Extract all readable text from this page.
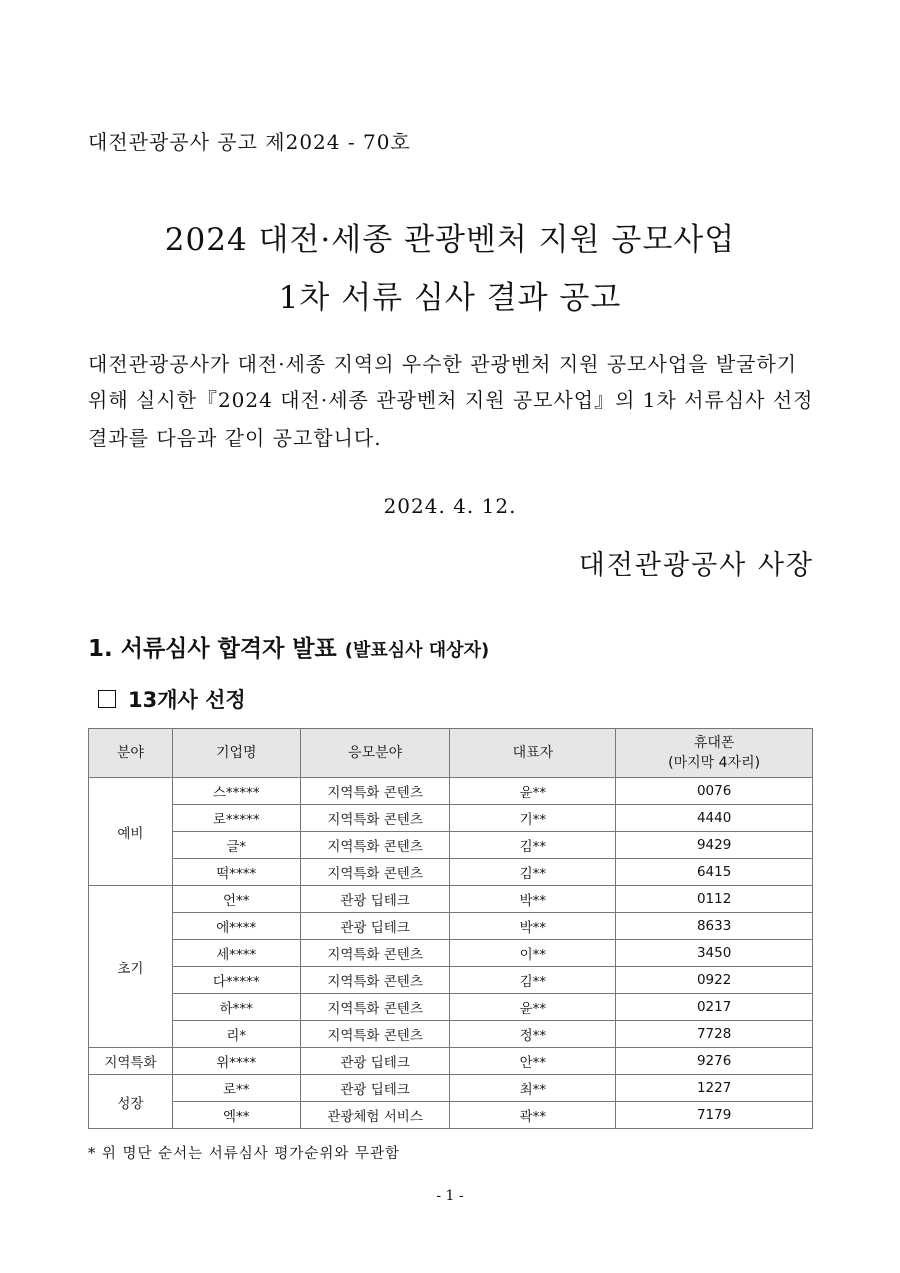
대전관광공사 공고 제2024 - 70호
2024 대전·세종 관광벤처 지원 공모사업
1차 서류 심사 결과 공고
대전관광공사가 대전·세종 지역의 우수한 관광벤처 지원 공모사업을 발굴하기
위해 실시한『2024 대전·세종 관광벤처 지원 공모사업』의 1차 서류심사 선정
결과를 다음과 같이 공고합니다.
2024. 4. 12.
대전관광공사 사장
1. 서류심사 합격자 발표 (발표심사 대상자)
13개사 선정
분야	기업명	응모분야	대표자	휴대폰
(마지막 4자리)
예비	스*****	지역특화 콘텐츠	윤**	0076
	로*****	지역특화 콘텐츠	기**	4440
	글*	지역특화 콘텐츠	김**	9429
	떡****	지역특화 콘텐츠	김**	6415
초기	언**	관광 딥테크	박**	0112
	에****	관광 딥테크	박**	8633
	세****	지역특화 콘텐츠	이**	3450
	다*****	지역특화 콘텐츠	김**	0922
	하***	지역특화 콘텐츠	윤**	0217
	리*	지역특화 콘텐츠	정**	7728
지역특화	위****	관광 딥테크	안**	9276
성장	로**	관광 딥테크	최**	1227
	엑**	관광체험 서비스	곽**	7179
* 위 명단 순서는 서류심사 평가순위와 무관함
- 1 -
